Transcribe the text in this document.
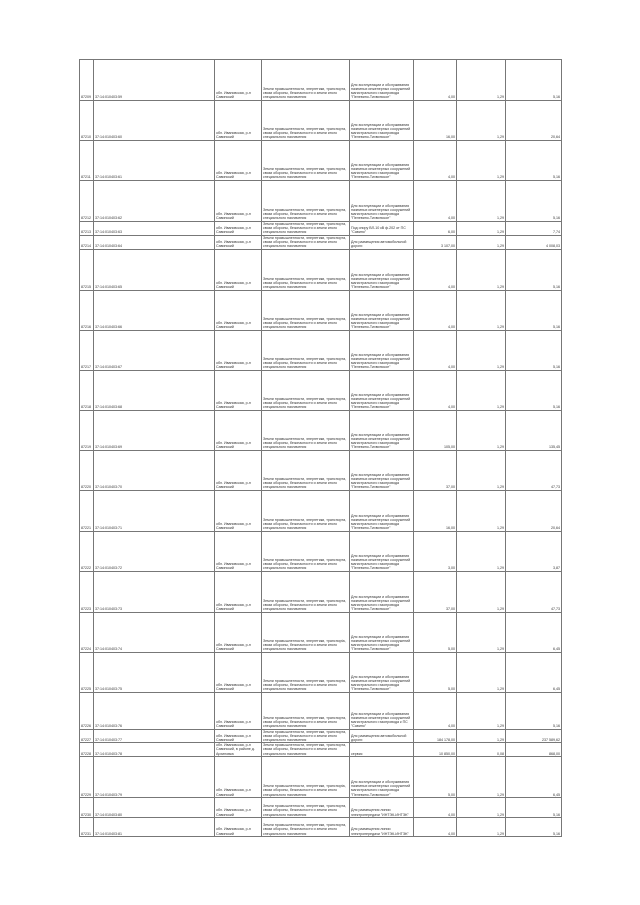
87209	37:14:010403:59	обл. Ивановская, р-н Савинский	Земли промышленности, энергетики, транспорта, связи обороны, безопасности и земли иного специального назначения	Для эксплуатации и обслуживания наземных инженерных сооружений магистрального газопровода "Пелевино-Тихвинское"	4,00	1,29	5,16
87210	37:14:010403:60	обл. Ивановская, р-н Савинский	Земли промышленности, энергетики, транспорта, связи обороны, безопасности и земли иного специального назначения	Для эксплуатации и обслуживания наземных инженерных сооружений магистрального газопровода "Пелевино-Тихвинское"	16,00	1,29	20,64
87211	37:14:010403:61	обл. Ивановская, р-н Савинский	Земли промышленности, энергетики, транспорта, связи обороны, безопасности и земли иного специального назначения	Для эксплуатации и обслуживания наземных инженерных сооружений магистрального газопровода "Пелевино-Тихвинское"	4,00	1,29	5,16
87212	37:14:010403:62	обл. Ивановская, р-н Савинский	Земли промышленности, энергетики, транспорта, связи обороны, безопасности и земли иного специального назначения	Для эксплуатации и обслуживания наземных инженерных сооружений магистрального газопровода "Пелевино-Тихвинское"	4,00	1,29	5,16
87213	37:14:010403:63	обл. Ивановская, р-н Савинский	Земли промышленности, энергетики, транспорта, связи обороны, безопасности и земли иного специального назначения	Под опору ВЛ-10 кВ ф.202 от ПС "Савино"	6,00	1,29	7,74
87214	37:14:010403:64	обл. Ивановская, р-н Савинский	Земли промышленности, энергетики, транспорта, связи обороны, безопасности и земли иного специального назначения	Для размещения автомобильной дороги	3 107,00	1,29	4 008,03
87215	37:14:010403:65	обл. Ивановская, р-н Савинский	Земли промышленности, энергетики, транспорта, связи обороны, безопасности и земли иного специального назначения	Для эксплуатации и обслуживания наземных инженерных сооружений магистрального газопровода "Пелевино-Тихвинское"	4,00	1,29	5,16
87216	37:14:010403:66	обл. Ивановская, р-н Савинский	Земли промышленности, энергетики, транспорта, связи обороны, безопасности и земли иного специального назначения	Для эксплуатации и обслуживания наземных инженерных сооружений магистрального газопровода "Пелевино-Тихвинское"	4,00	1,29	5,16
87217	37:14:010403:67	обл. Ивановская, р-н Савинский	Земли промышленности, энергетики, транспорта, связи обороны, безопасности и земли иного специального назначения	Для эксплуатации и обслуживания наземных инженерных сооружений магистрального газопровода "Пелевино-Тихвинское"	4,00	1,29	5,16
87218	37:14:010403:68	обл. Ивановская, р-н Савинский	Земли промышленности, энергетики, транспорта, связи обороны, безопасности и земли иного специального назначения	Для эксплуатации и обслуживания наземных инженерных сооружений магистрального газопровода "Пелевино-Тихвинское"	4,00	1,29	5,16
87219	37:14:010403:69	обл. Ивановская, р-н Савинский	Земли промышленности, энергетики, транспорта, связи обороны, безопасности и земли иного специального назначения	Для эксплуатации и обслуживания наземных инженерных сооружений магистрального газопровода "Пелевино-Тихвинское"	105,00	1,29	135,45
87220	37:14:010403:70	обл. Ивановская, р-н Савинский	Земли промышленности, энергетики, транспорта, связи обороны, безопасности и земли иного специального назначения	Для эксплуатации и обслуживания наземных инженерных сооружений магистрального газопровода "Пелевино-Тихвинское"	37,00	1,29	47,73
87221	37:14:010403:71	обл. Ивановская, р-н Савинский	Земли промышленности, энергетики, транспорта, связи обороны, безопасности и земли иного специального назначения	Для эксплуатации и обслуживания наземных инженерных сооружений магистрального газопровода "Пелевино-Тихвинское"	16,00	1,29	20,64
87222	37:14:010403:72	обл. Ивановская, р-н Савинский	Земли промышленности, энергетики, транспорта, связи обороны, безопасности и земли иного специального назначения	Для эксплуатации и обслуживания наземных инженерных сооружений магистрального газопровода "Пелевино-Тихвинское"	3,00	1,29	3,87
87223	37:14:010403:73	обл. Ивановская, р-н Савинский	Земли промышленности, энергетики, транспорта, связи обороны, безопасности и земли иного специального назначения	Для эксплуатации и обслуживания наземных инженерных сооружений магистрального газопровода "Пелевино-Тихвинское"	37,00	1,29	47,73
87224	37:14:010403:74	обл. Ивановская, р-н Савинский	Земли промышленности, энергетики, транспорta, связи обороны, безопасности и земли иного специального назначения	Для эксплуатации и обслуживания наземных инженерных сооружений магистрального газопровода "Пелевино-Тихвинское"	5,00	1,29	6,45
87225	37:14:010403:75	обл. Ивановская, р-н Савинский	Земли промышленности, энергетики, транспорта, связи обороны, безопасности и земли иного специального назначения	Для эксплуатации и обслуживания наземных инженерных сооружений магистрального газопровода "Пелевино-Тихвинское"	5,00	1,29	6,45
87226	37:14:010403:76	обл. Ивановская, р-н Савинский	Земли промышленности, энергетики, транспорта, связи обороны, безопасности и земли иного специального назначения	Для эксплуатации и обслуживания наземных инженерных сооружений магистрального газопровода к ПС "Савино"	4,00	1,29	5,16
87227	37:14:010403:77	обл. Ивановская, р-н Савинский	Земли промышленности, энергетики, транспорта, связи обороны, безопасности и земли иного специального назначения	Для размещения автомобильной дороги	184 178,00	1,29	237 589,62
87228	37:14:010403:78	обл. Ивановская, р-н Савинский, в районе д. Архиповка	Земли промышленности, энергетики, транспорта, связи обороны, безопасности и земли иного специального назначения	сервис	10 850,00	0,08	868,00
87229	37:14:010403:79	обл. Ивановская, р-н Савинский	Земли промышленности, энергетики, транспорta, связи обороны, безопасности и земли иного специального назначения	Для эксплуатации и обслуживания наземных инженерных сооружений магистрального газопровода "Пелевино-Тихвинское"	5,00	1,29	6,45
87230	37:14:010403:80	обл. Ивановская, р-н Савинский	Земли промышленности, энергетики, транспорта, связи обороны, безопасности и земли иного специального назначения	Для размещения линии электропередачи "ИНТЭК-ИНТЭК"	4,00	1,29	5,16
87231	37:14:010403:81	обл. Ивановская, р-н Савинский	Земли промышленности, энергетики, транспорта, связи обороны, безопасности и земли иного специального назначения	Для размещения линии электропередачи "ИНТЭК-ИНТЭК"	4,00	1,29	5,16
